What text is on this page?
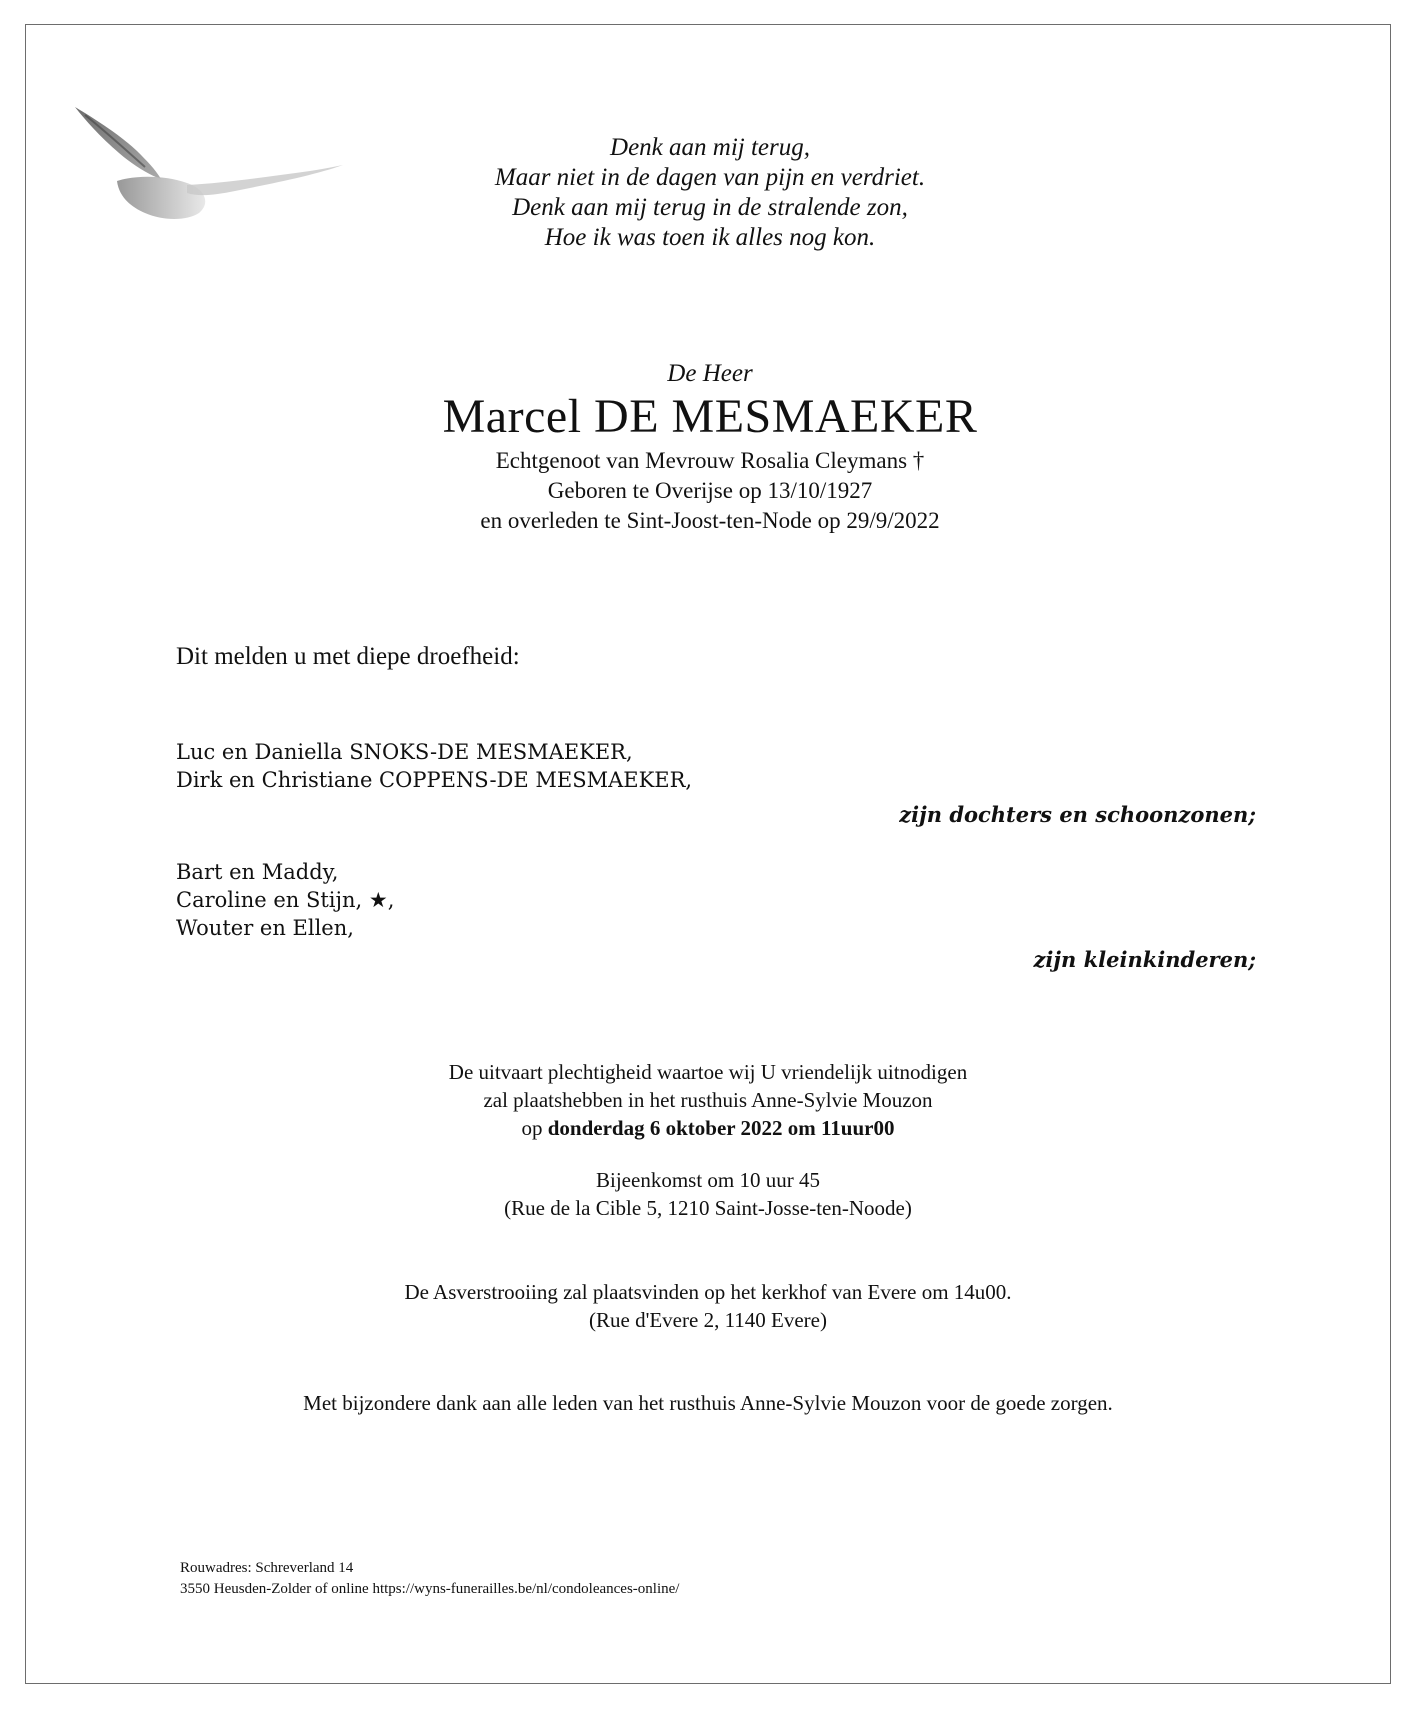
Denk aan mij terug,
Maar niet in de dagen van pijn en verdriet.
Denk aan mij terug in de stralende zon,
Hoe ik was toen ik alles nog kon.
De Heer
Marcel DE MESMAEKER
Echtgenoot van Mevrouw Rosalia Cleymans †
Geboren te Overijse op 13/10/1927
en overleden te Sint-Joost-ten-Node op 29/9/2022
Dit melden u met diepe droefheid:
Luc en Daniella SNOKS-DE MESMAEKER,
Dirk en Christiane COPPENS-DE MESMAEKER,
zijn dochters en schoonzonen;
Bart en Maddy,
Caroline en Stijn, ★,
Wouter en Ellen,
zijn kleinkinderen;
De uitvaart plechtigheid waartoe wij U vriendelijk uitnodigen
zal plaatshebben in het rusthuis Anne-Sylvie Mouzon
op donderdag 6 oktober 2022 om 11uur00
Bijeenkomst om 10 uur 45
(Rue de la Cible 5, 1210 Saint-Josse-ten-Noode)
De Asverstrooiing zal plaatsvinden op het kerkhof van Evere om 14u00.
(Rue d'Evere 2, 1140 Evere)
Met bijzondere dank aan alle leden van het rusthuis Anne-Sylvie Mouzon voor de goede zorgen.
Rouwadres: Schreverland 14
3550 Heusden-Zolder of online https://wyns-funerailles.be/nl/condoleances-online/
